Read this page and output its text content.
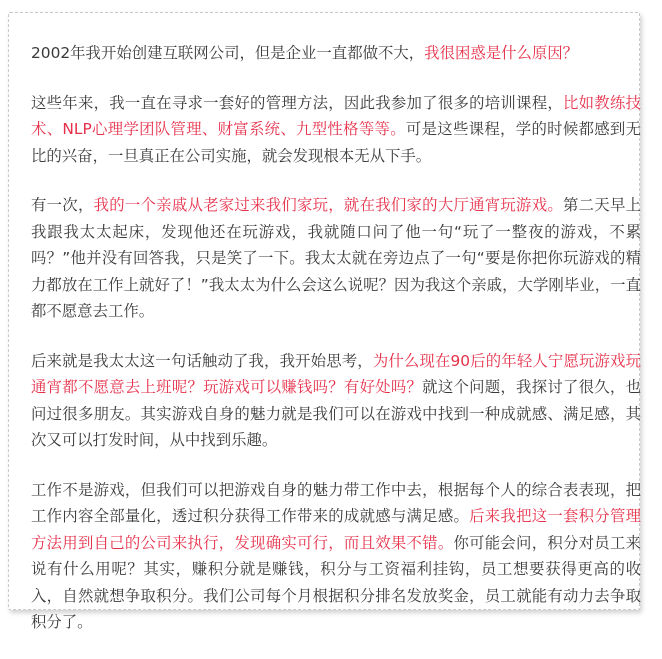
2002年我开始创建互联网公司，但是企业一直都做不大，我很困惑是什么原因？

这些年来，我一直在寻求一套好的管理方法，因此我参加了很多的培训课程，比如教练技术、NLP心理学团队管理、财富系统、九型性格等等。可是这些课程，学的时候都感到无比的兴奋，一旦真正在公司实施，就会发现根本无从下手。

有一次，我的一个亲戚从老家过来我们家玩，就在我们家的大厅通宵玩游戏。第二天早上我跟我太太起床，发现他还在玩游戏，我就随口问了他一句“玩了一整夜的游戏，不累吗？”他并没有回答我，只是笑了一下。我太太就在旁边点了一句“要是你把你玩游戏的精力都放在工作上就好了！”我太太为什么会这么说呢？因为我这个亲戚，大学刚毕业，一直都不愿意去工作。

后来就是我太太这一句话触动了我，我开始思考，为什么现在90后的年轻人宁愿玩游戏玩通宵都不愿意去上班呢？玩游戏可以赚钱吗？有好处吗？就这个问题，我探讨了很久，也问过很多朋友。其实游戏自身的魅力就是我们可以在游戏中找到一种成就感、满足感，其次又可以打发时间，从中找到乐趣。

工作不是游戏，但我们可以把游戏自身的魅力带工作中去，根据每个人的综合表表现，把工作内容全部量化，透过积分获得工作带来的成就感与满足感。后来我把这一套积分管理方法用到自己的公司来执行，发现确实可行，而且效果不错。你可能会问，积分对员工来说有什么用呢？其实，赚积分就是赚钱，积分与工资福利挂钩，员工想要获得更高的收入，自然就想争取积分。我们公司每个月根据积分排名发放奖金，员工就能有动力去争取积分了。
